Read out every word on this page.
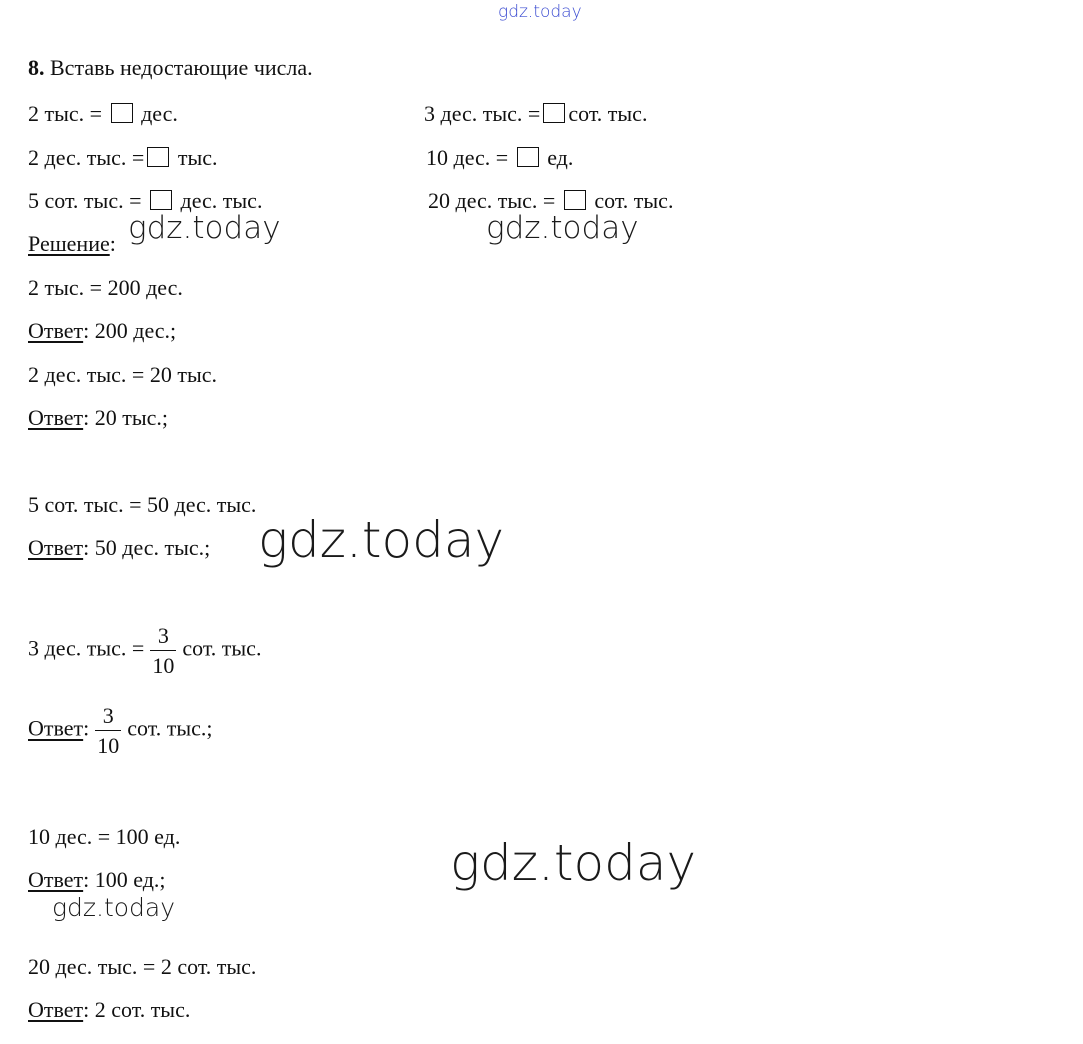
gdz.today
8. Вставь недостающие числа.
2 тыс. = дес.
2 дес. тыс. = тыс.
5 сот. тыс. = дес. тыс.
3 дес. тыс. = сот. тыс.
10 дес. = ед.
20 дес. тыс. = сот. тыс.
gdz.today	gdz.today
Решение:
2 тыс. = 200 дес.
Ответ: 200 дес.;
2 дес. тыс. = 20 тыс.
Ответ: 20 тыс.;
5 сот. тыс. = 50 дес. тыс.
Ответ: 50 дес. тыс.; gdz.today
3 дес. тыс. = $\frac{3}{10}$ сот. тыс.
Ответ: $\frac{3}{10}$ сот. тыс.;
10 дес. = 100 ед.
Ответ: 100 ед.;
gdz.today
gdz.today
20 дес. тыс. = 2 сот. тыс.
Ответ: 2 сот. тыс.
